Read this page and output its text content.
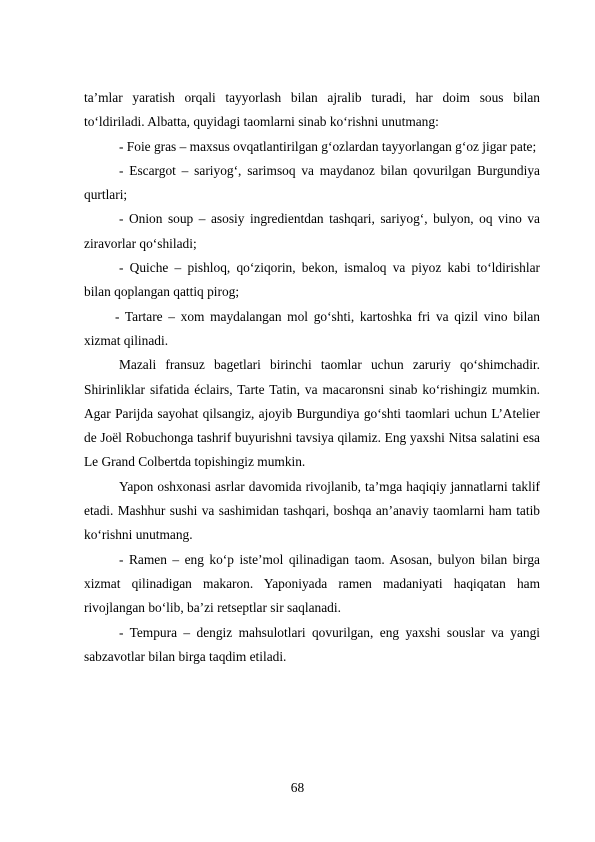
ta’mlar yaratish orqali tayyorlash bilan ajralib turadi, har doim sous bilan to‘ldiriladi. Albatta, quyidagi taomlarni sinab ko‘rishni unutmang:

- Foie gras – maxsus ovqatlantirilgan g‘ozlardan tayyorlangan g‘oz jigar pate;

- Escargot – sariyog‘, sarimsoq va maydanoz bilan qovurilgan Burgundiya qurtlari;

- Onion soup – asosiy ingredientdan tashqari, sariyog‘, bulyon, oq vino va ziravorlar qo‘shiladi;

- Quiche – pishloq, qo‘ziqorin, bekon, ismaloq va piyoz kabi to‘ldirishlar bilan qoplangan qattiq pirog;

- Tartare – xom maydalangan mol go‘shti, kartoshka fri va qizil vino bilan xizmat qilinadi.

Mazali fransuz bagetlari birinchi taomlar uchun zaruriy qo‘shimchadir. Shirinliklar sifatida éclairs, Tarte Tatin, va macaronsni sinab ko‘rishingiz mumkin. Agar Parijda sayohat qilsangiz, ajoyib Burgundiya go‘shti taomlari uchun L’Atelier de Joël Robuchonga tashrif buyurishni tavsiya qilamiz. Eng yaxshi Nitsa salatini esa Le Grand Colbertda topishingiz mumkin.

Yapon oshxonasi asrlar davomida rivojlanib, ta’mga haqiqiy jannatlarni taklif etadi. Mashhur sushi va sashimidan tashqari, boshqa an’anaviy taomlarni ham tatib ko‘rishni unutmang.

- Ramen – eng ko‘p iste’mol qilinadigan taom. Asosan, bulyon bilan birga xizmat qilinadigan makaron. Yaponiyada ramen madaniyati haqiqatan ham rivojlangan bo‘lib, ba’zi retseptlar sir saqlanadi.

- Tempura – dengiz mahsulotlari qovurilgan, eng yaxshi souslar va yangi sabzavotlar bilan birga taqdim etiladi.

68
